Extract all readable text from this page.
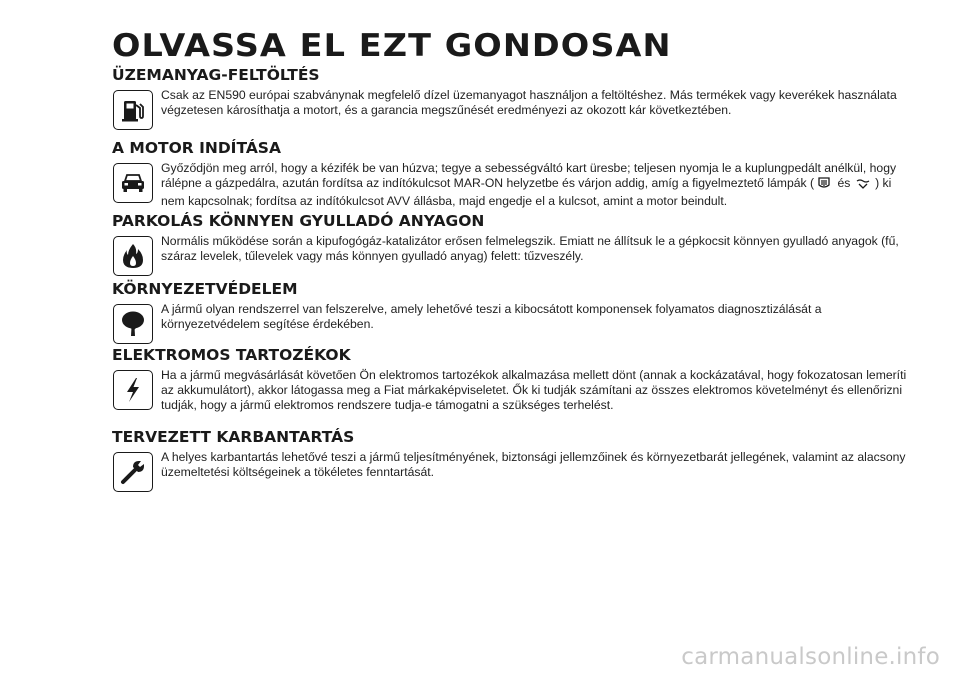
OLVASSA EL EZT GONDOSAN
ÜZEMANYAG-FELTÖLTÉS
Csak az EN590 európai szabványnak megfelelő dízel üzemanyagot használjon a feltöltéshez. Más termékek vagy keverékek használata végzetesen károsíthatja a motort, és a garancia megszűnését eredményezi az okozott kár következtében.
A MOTOR INDÍTÁSA
Győződjön meg arról, hogy a kézifék be van húzva; tegye a sebességváltó kart üresbe; teljesen nyomja le a kuplungpedált anélkül, hogy rálépne a gázpedálra, azután fordítsa az indítókulcsot MAR-ON helyzetbe és várjon addig, amíg a figyelmeztető lámpák ( és ) ki nem kapcsolnak; fordítsa az indítókulcsot AVV állásba, majd engedje el a kulcsot, amint a motor beindult.
PARKOLÁS KÖNNYEN GYULLADÓ ANYAGON
Normális működése során a kipufogógáz-katalizátor erősen felmelegszik. Emiatt ne állítsuk le a gépkocsit könnyen gyulladó anyagok (fű, száraz levelek, tűlevelek vagy más könnyen gyulladó anyag) felett: tűzveszély.
KÖRNYEZETVÉDELEM
A jármű olyan rendszerrel van felszerelve, amely lehetővé teszi a kibocsátott komponensek folyamatos diagnosztizálását a környezetvédelem segítése érdekében.
ELEKTROMOS TARTOZÉKOK
Ha a jármű megvásárlását követően Ön elektromos tartozékok alkalmazása mellett dönt (annak a kockázatával, hogy fokozatosan lemeríti az akkumulátort), akkor látogassa meg a Fiat márkaképviseletet. Ők ki tudják számítani az összes elektromos követelményt és ellenőrizni tudják, hogy a jármű elektromos rendszere tudja-e támogatni a szükséges terhelést.
TERVEZETT KARBANTARTÁS
A helyes karbantartás lehetővé teszi a jármű teljesítményének, biztonsági jellemzőinek és környezetbarát jellegének, valamint az alacsony üzemeltetési költségeinek a tökéletes fenntartását.
carmanualsonline.info
